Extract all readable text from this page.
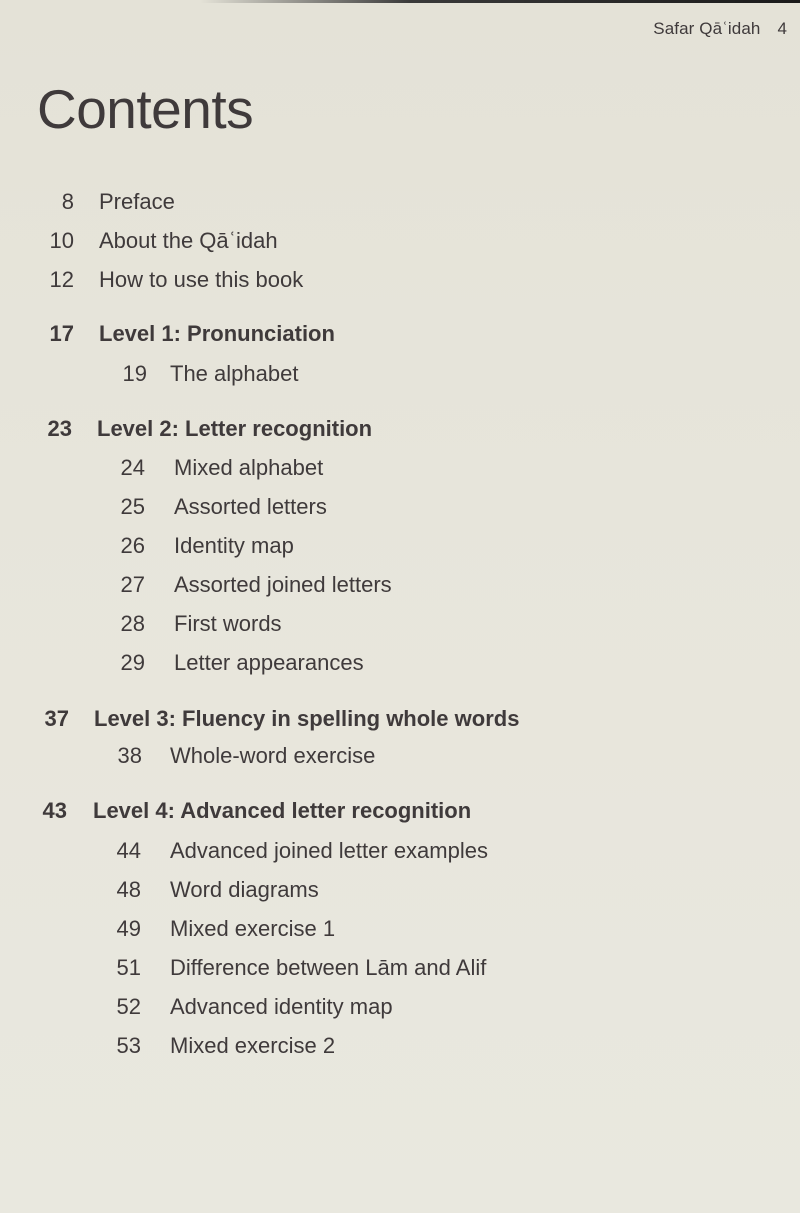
Safar Qāʿidah 4
Contents
8 Preface
10 About the Qāʿidah
12 How to use this book
17 Level 1: Pronunciation
19 The alphabet
23 Level 2: Letter recognition
24 Mixed alphabet
25 Assorted letters
26 Identity map
27 Assorted joined letters
28 First words
29 Letter appearances
37 Level 3: Fluency in spelling whole words
38 Whole-word exercise
43 Level 4: Advanced letter recognition
44 Advanced joined letter examples
48 Word diagrams
49 Mixed exercise 1
51 Difference between Lām and Alif
52 Advanced identity map
53 Mixed exercise 2
